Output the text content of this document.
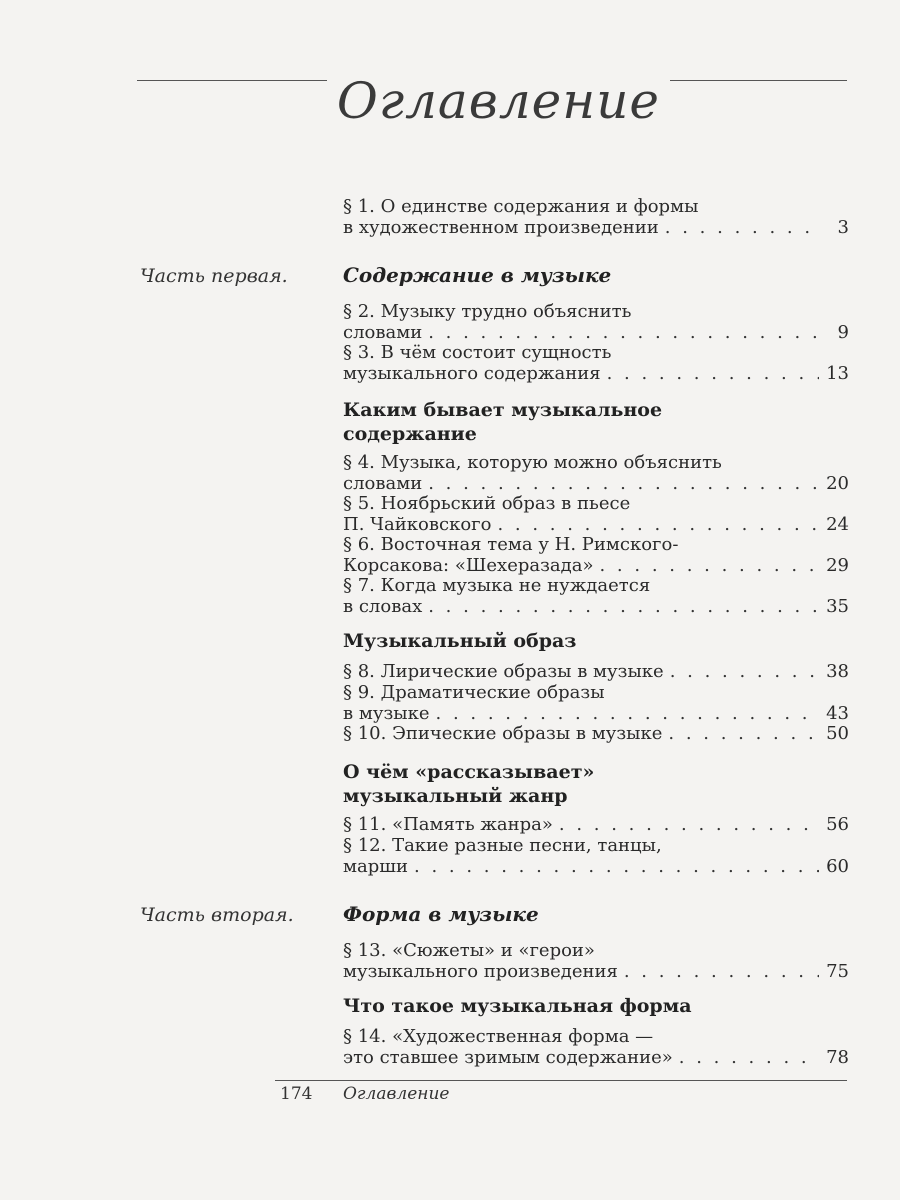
Оглавление
§ 1. О единстве содержания и формы
в художественном произведении . . .	3
Часть первая.	Содержание в музыке
§ 2. Музыку трудно объяснить
словами . . .	9
§ 3. В чём состоит сущность
музыкального содержания . . .	13
Каким бывает музыкальное
содержание
§ 4. Музыка, которую можно объяснить
словами . . .	20
§ 5. Ноябрьский образ в пьесе
П. Чайковского . . .	24
§ 6. Восточная тема у Н. Римского-
Корсакова: «Шехеразада» . . .	29
§ 7. Когда музыка не нуждается
в словах . . .	35
Музыкальный образ
§ 8. Лирические образы в музыке . . .	38
§ 9. Драматические образы
в музыке . . .	43
§ 10. Эпические образы в музыке . . .	50
О чём «рассказывает»
музыкальный жанр
§ 11. «Память жанра» . . .	56
§ 12. Такие разные песни, танцы,
марши . . .	60
Часть вторая. Форма в музыке
§ 13. «Сюжеты» и «герои»
музыкального произведения . . .	75
Что такое музыкальная форма
§ 14. «Художественная форма —
это ставшее зримым содержание» . . .	78
174 Оглавление
